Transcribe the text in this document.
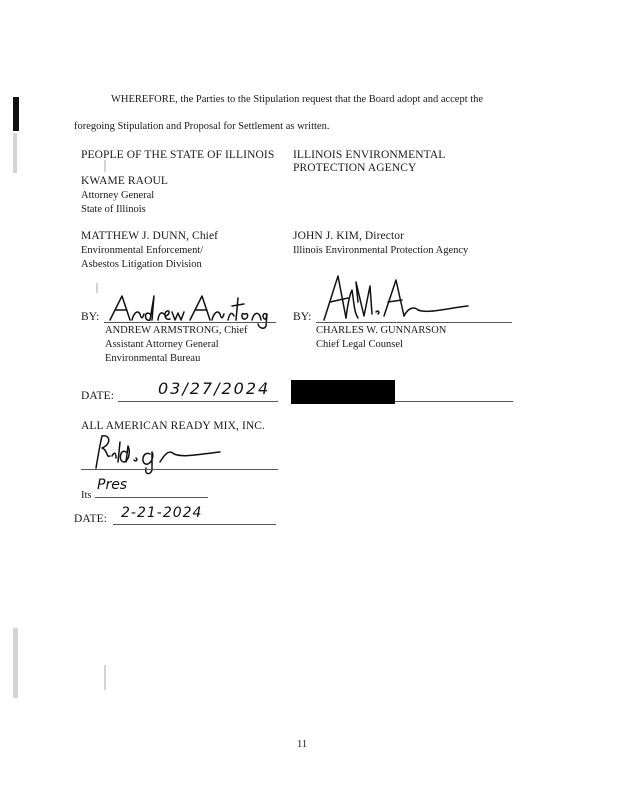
WHEREFORE, the Parties to the Stipulation request that the Board adopt and accept the
foregoing Stipulation and Proposal for Settlement as written.
PEOPLE OF THE STATE OF ILLINOIS
KWAME RAOUL
Attorney General
State of Illinois
MATTHEW J. DUNN, Chief
Environmental Enforcement/
Asbestos Litigation Division
BY:
ANDREW ARMSTRONG, Chief
Assistant Attorney General
Environmental Bureau
DATE:	03/27/2024
ILLINOIS ENVIRONMENTAL
PROTECTION AGENCY
JOHN J. KIM, Director
Illinois Environmental Protection Agency
BY:
CHARLES W. GUNNARSON
Chief Legal Counsel
ALL AMERICAN READY MIX, INC.
Its
Pres
DATE: 2-21-2024
11
